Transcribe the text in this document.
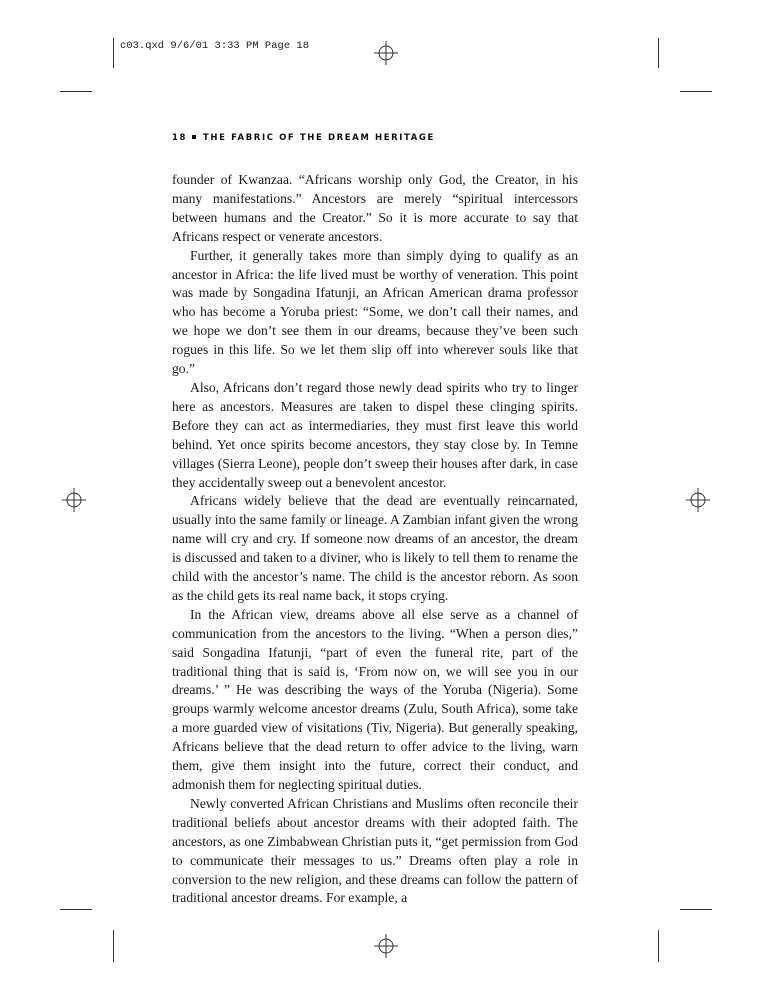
c03.qxd 9/6/01 3:33 PM Page 18
18 THE FABRIC OF THE DREAM HERITAGE

founder of Kwanzaa. “Africans worship only God, the Creator, in his many manifestations.” Ancestors are merely “spiritual intercessors between humans and the Creator.” So it is more accurate to say that Africans respect or venerate ancestors.

Further, it generally takes more than simply dying to qualify as an ancestor in Africa: the life lived must be worthy of veneration. This point was made by Songadina Ifatunji, an African American drama professor who has become a Yoruba priest: “Some, we don’t call their names, and we hope we don’t see them in our dreams, because they’ve been such rogues in this life. So we let them slip off into wherever souls like that go.”

Also, Africans don’t regard those newly dead spirits who try to linger here as ancestors. Measures are taken to dispel these clinging spirits. Before they can act as intermediaries, they must first leave this world behind. Yet once spirits become ancestors, they stay close by. In Temne villages (Sierra Leone), people don’t sweep their houses after dark, in case they accidentally sweep out a benevolent ancestor.

Africans widely believe that the dead are eventually reincarnated, usually into the same family or lineage. A Zambian infant given the wrong name will cry and cry. If someone now dreams of an ancestor, the dream is discussed and taken to a diviner, who is likely to tell them to rename the child with the ancestor’s name. The child is the ancestor reborn. As soon as the child gets its real name back, it stops crying.

In the African view, dreams above all else serve as a channel of communication from the ancestors to the living. “When a person dies,” said Songadina Ifatunji, “part of even the funeral rite, part of the traditional thing that is said is, ‘From now on, we will see you in our dreams.’ ” He was describing the ways of the Yoruba (Nigeria). Some groups warmly welcome ancestor dreams (Zulu, South Africa), some take a more guarded view of visitations (Tiv, Nigeria). But generally speaking, Africans believe that the dead return to offer advice to the living, warn them, give them insight into the future, correct their conduct, and admonish them for neglecting spiritual duties.

Newly converted African Christians and Muslims often reconcile their traditional beliefs about ancestor dreams with their adopted faith. The ancestors, as one Zimbabwean Christian puts it, “get permission from God to communicate their messages to us.” Dreams often play a role in conversion to the new religion, and these dreams can follow the pattern of traditional ancestor dreams. For example, a
